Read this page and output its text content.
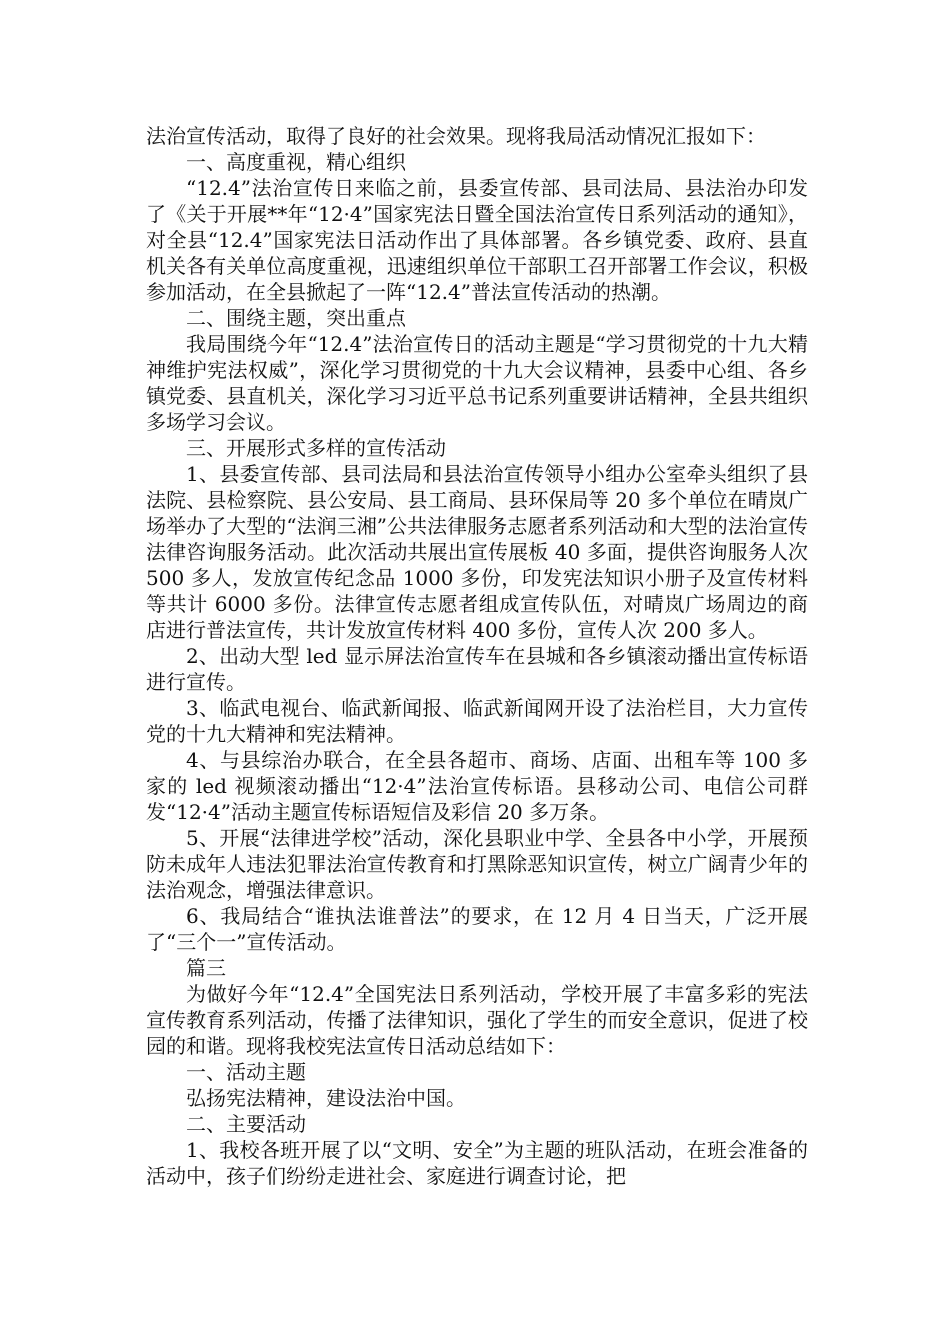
法治宣传活动，取得了良好的社会效果。现将我局活动情况汇报如下：

一、高度重视，精心组织

“12.4”法治宣传日来临之前，县委宣传部、县司法局、县法治办印发了《关于开展**年“12·4”国家宪法日暨全国法治宣传日系列活动的通知》，对全县“12.4”国家宪法日活动作出了具体部署。各乡镇党委、政府、县直机关各有关单位高度重视，迅速组织单位干部职工召开部署工作会议，积极参加活动，在全县掀起了一阵“12.4”普法宣传活动的热潮。

二、围绕主题，突出重点

我局围绕今年“12.4”法治宣传日的活动主题是“学习贯彻党的十九大精神维护宪法权威”，深化学习贯彻党的十九大会议精神，县委中心组、各乡镇党委、县直机关，深化学习习近平总书记系列重要讲话精神，全县共组织多场学习会议。

三、开展形式多样的宣传活动

1、县委宣传部、县司法局和县法治宣传领导小组办公室牵头组织了县法院、县检察院、县公安局、县工商局、县环保局等 20 多个单位在晴岚广场举办了大型的“法润三湘”公共法律服务志愿者系列活动和大型的法治宣传法律咨询服务活动。此次活动共展出宣传展板 40 多面，提供咨询服务人次 500 多人，发放宣传纪念品 1000 多份，印发宪法知识小册子及宣传材料等共计 6000 多份。法律宣传志愿者组成宣传队伍，对晴岚广场周边的商店进行普法宣传，共计发放宣传材料 400 多份，宣传人次 200 多人。

2、出动大型 led 显示屏法治宣传车在县城和各乡镇滚动播出宣传标语进行宣传。

3、临武电视台、临武新闻报、临武新闻网开设了法治栏目，大力宣传党的十九大精神和宪法精神。

4、与县综治办联合，在全县各超市、商场、店面、出租车等 100 多家的 led 视频滚动播出“12·4”法治宣传标语。县移动公司、电信公司群发“12·4”活动主题宣传标语短信及彩信 20 多万条。

5、开展“法律进学校”活动，深化县职业中学、全县各中小学，开展预防未成年人违法犯罪法治宣传教育和打黑除恶知识宣传，树立广阔青少年的法治观念，增强法律意识。

6、我局结合“谁执法谁普法”的要求，在 12 月 4 日当天，广泛开展了“三个一”宣传活动。

篇三

为做好今年“12.4”全国宪法日系列活动，学校开展了丰富多彩的宪法宣传教育系列活动，传播了法律知识，强化了学生的而安全意识，促进了校园的和谐。现将我校宪法宣传日活动总结如下：

一、活动主题

弘扬宪法精神，建设法治中国。

二、主要活动

1、我校各班开展了以“文明、安全”为主题的班队活动，在班会准备的活动中，孩子们纷纷走进社会、家庭进行调查讨论，把
